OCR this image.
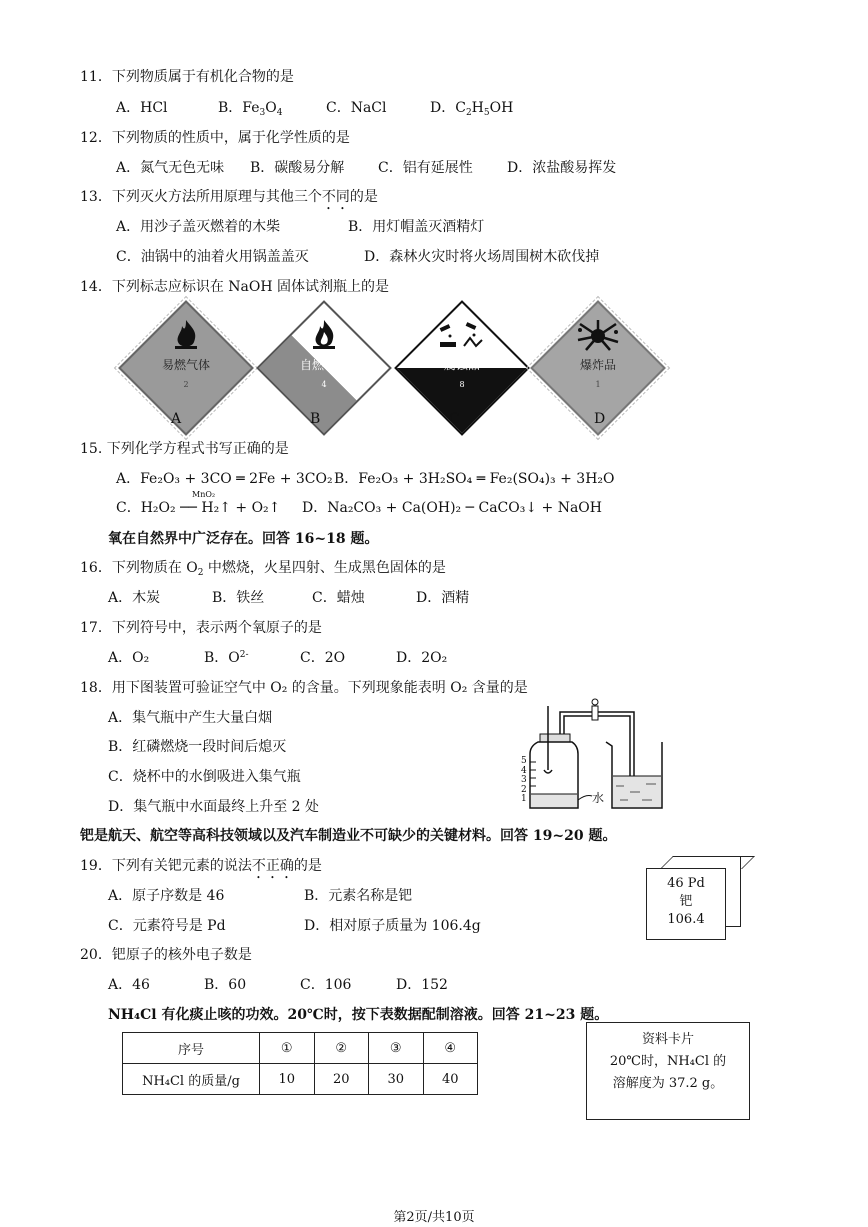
11．下列物质属于有机化合物的是
A．HCl	B．$Fe_3O_4$	C．NaCl	D．$C_2H_5OH$
12．下列物质的性质中，属于化学性质的是
A．氮气无色无味 B．碳酸易分解 C．铝有延展性 D．浓盐酸易挥发
13．下列灭火方法所用原理与其他三个不同的是
A．用沙子盖灭燃着的木柴	B．用灯帽盖灭酒精灯
C．油锅中的油着火用锅盖盖灭	D．森林火灾时将火场周围树木砍伐掉
14．下列标志应标识在 NaOH 固体试剂瓶上的是
易燃气体
2
A
自燃物品
4
B
腐蚀品
8
C
爆炸品
1
D
15. 下列化学方程式书写正确的是
A．Fe₂O₃ + 3CO ═ 2Fe + 3CO₂ B．Fe₂O₃ + 3H₂SO₄ ═ Fe₂(SO₄)₃ + 3H₂O
MnO₂
C．H₂O₂ ── H₂↑ + O₂↑ D．Na₂CO₃ + Ca(OH)₂ ─ CaCO₃↓ + NaOH
氧在自然界中广泛存在。回答 16~18 题。
16．下列物质在 $O_2$ 中燃烧，火星四射、生成黑色固体的是
A．木炭	B．铁丝	C．蜡烛	D．酒精
17．下列符号中，表示两个氧原子的是
A．O₂	B．$O^{2-}$	C．2O	D．2O₂
18．用下图装置可验证空气中 O₂ 的含量。下列现象能表明 O₂ 含量的是
A．集气瓶中产生大量白烟
B．红磷燃烧一段时间后熄灭
C．烧杯中的水倒吸进入集气瓶
D．集气瓶中水面最终上升至 2 处
5
4
3
2
1	水
钯是航天、航空等高科技领域以及汽车制造业不可缺少的关键材料。回答 19~20 题。
19．下列有关钯元素的说法不正确的是
A．原子序数是 46	B．元素名称是钯
C．元素符号是 Pd	D．相对原子质量为 106.4g
46 Pd
钯
106.4
20．钯原子的核外电子数是
A．46	B．60	C．106	D．152
NH₄Cl 有化痰止咳的功效。20℃时，按下表数据配制溶液。回答 21~23 题。
序号	①	②	③	④
NH₄Cl 的质量/g	10	20	30	40
资料卡片
20℃时，NH₄Cl 的
溶解度为 37.2 g。
第2页/共10页
